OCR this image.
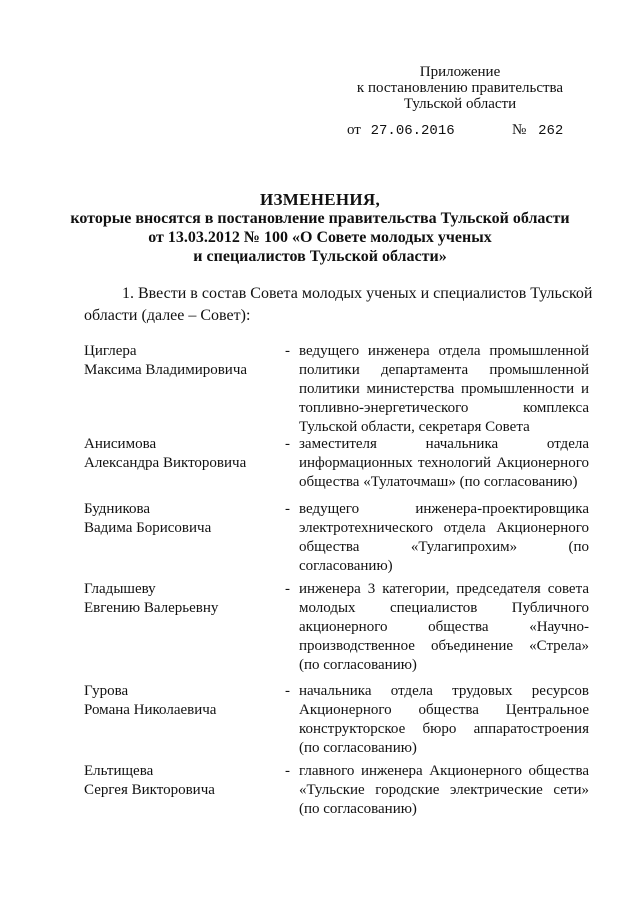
Приложение
к постановлению правительства
Тульской области
от 27.06.2016	№ 262
ИЗМЕНЕНИЯ,
которые вносятся в постановление правительства Тульской области
от 13.03.2012 № 100 «О Совете молодых ученых
и специалистов Тульской области»
1. Ввести в состав Совета молодых ученых и специалистов Тульской
области (далее – Совет):
Циглера
Максима Владимировича
- ведущего инженера отдела промышленной
политики департамента промышленной
политики министерства промышленности и
топливно-энергетического комплекса
Тульской области, секретаря Совета
Анисимова
Александра Викторовича
- заместителя начальника отдела
информационных технологий Акционерного
общества «Тулаточмаш» (по согласованию)
Будникова
Вадима Борисовича
- ведущего инженера-проектировщика
электротехнического отдела Акционерного
общества «Тулагипрохим» (по
согласованию)
Гладышеву
Евгению Валерьевну
- инженера 3 категории, председателя совета
молодых специалистов Публичного
акционерного общества «Научно-
производственное объединение «Стрела»
(по согласованию)
Гурова
Романа Николаевича
- начальника отдела трудовых ресурсов
Акционерного общества Центральное
конструкторское бюро аппаратостроения
(по согласованию)
Ельтищева
Сергея Викторовича
- главного инженера Акционерного общества
«Тульские городские электрические сети»
(по согласованию)
